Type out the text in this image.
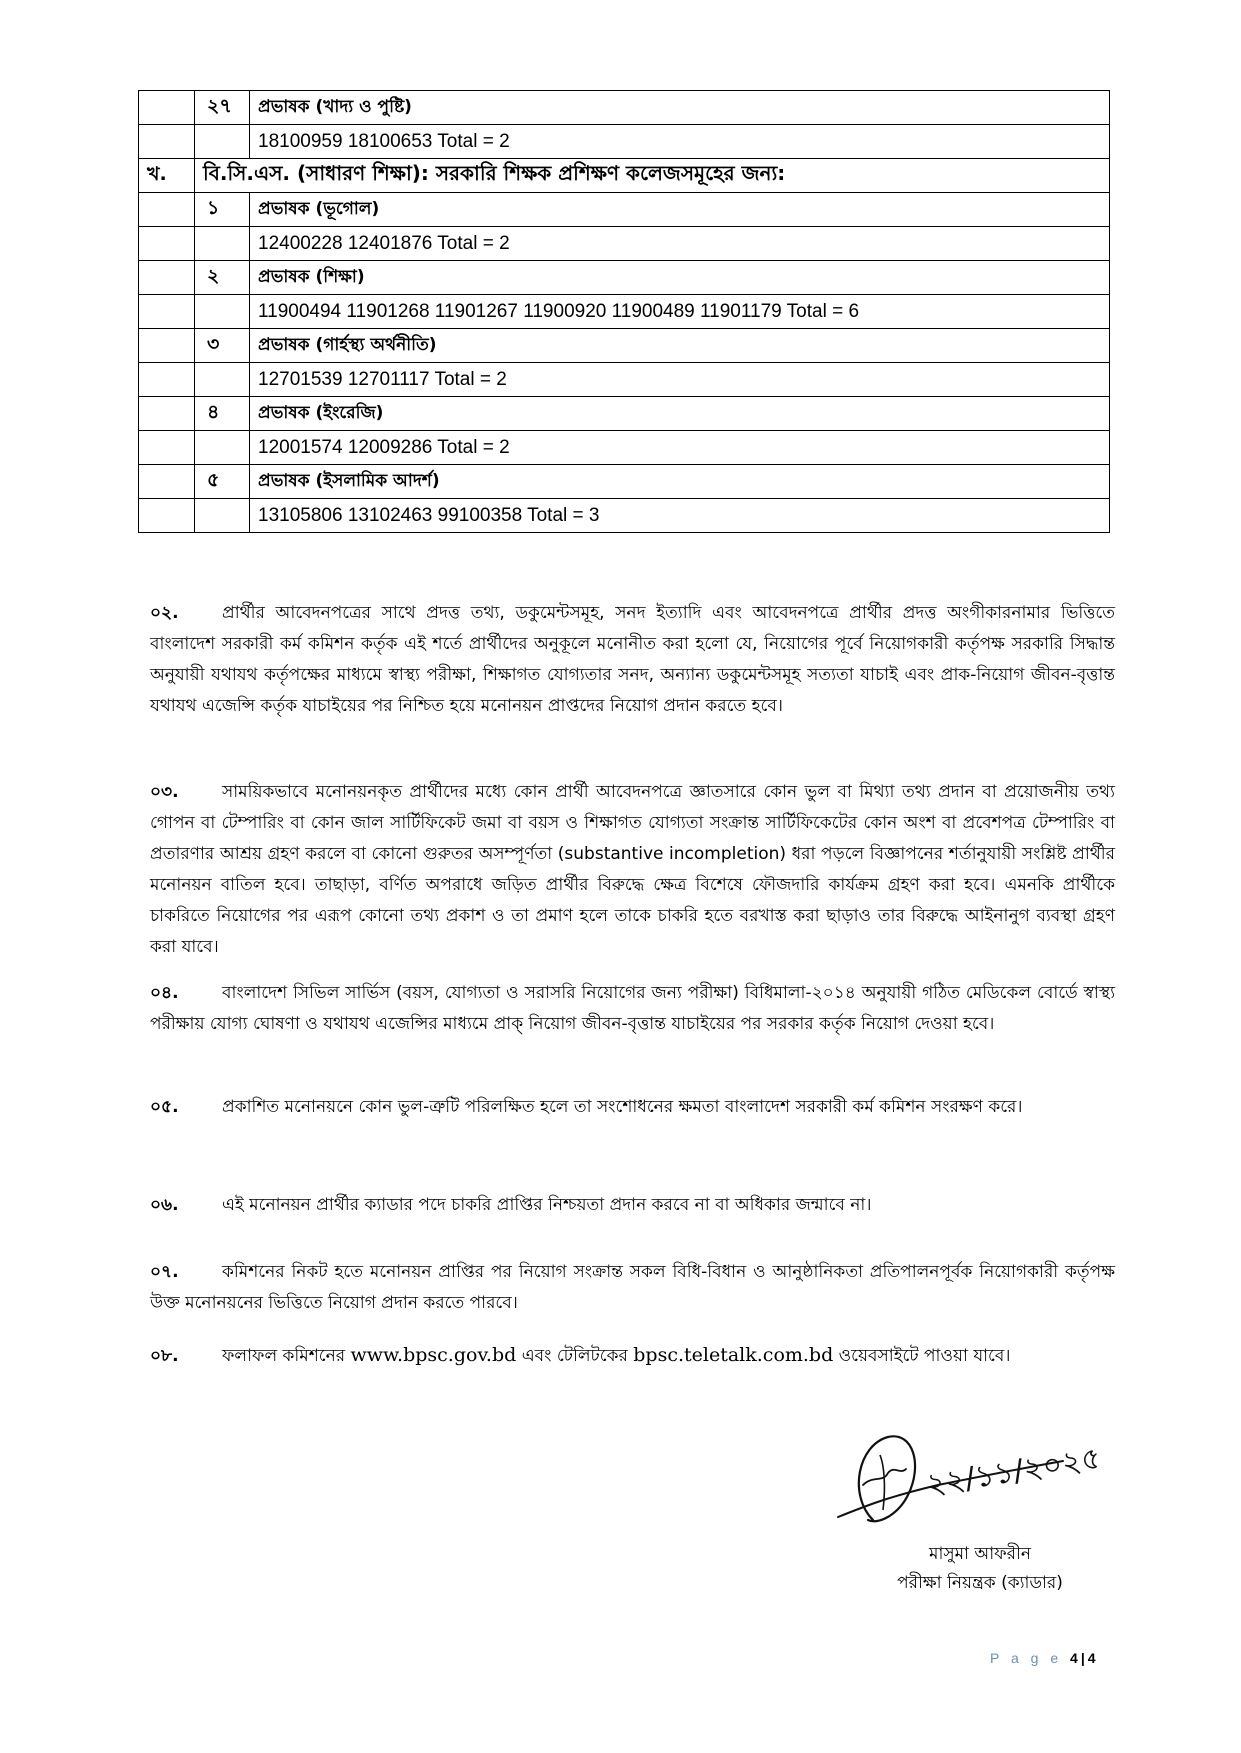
	২৭	প্রভাষক (খাদ্য ও পুষ্টি)
		18100959 18100653 Total = 2
খ.	বি.সি.এস. (সাধারণ শিক্ষা): সরকারি শিক্ষক প্রশিক্ষণ কলেজসমূহের জন্য:	
	১	প্রভাষক (ভূগোল)
		12400228 12401876 Total = 2
	২	প্রভাষক (শিক্ষা)
		11900494 11901268 11901267 11900920 11900489 11901179 Total = 6
	৩	প্রভাষক (গার্হস্থ্য অর্থনীতি)
		12701539 12701117 Total = 2
	৪	প্রভাষক (ইংরেজি)
		12001574 12009286 Total = 2
	৫	প্রভাষক (ইসলামিক আদর্শ)
		13105806 13102463 99100358 Total = 3
০২.	প্রার্থীর আবেদনপত্রের সাথে প্রদত্ত তথ্য, ডকুমেন্টসমূহ, সনদ ইত্যাদি এবং আবেদনপত্রে প্রার্থীর প্রদত্ত অংগীকারনামার ভিত্তিতে বাংলাদেশ সরকারী কর্ম কমিশন কর্তৃক এই শর্তে প্রার্থীদের অনুকূলে মনোনীত করা হলো যে, নিয়োগের পূর্বে নিয়োগকারী কর্তৃপক্ষ সরকারি সিদ্ধান্ত অনুযায়ী যথাযথ কর্তৃপক্ষের মাধ্যমে স্বাস্থ্য পরীক্ষা, শিক্ষাগত যোগ্যতার সনদ, অন্যান্য ডকুমেন্টসমূহ সত্যতা যাচাই এবং প্রাক-নিয়োগ জীবন-বৃত্তান্ত যথাযথ এজেন্সি কর্তৃক যাচাইয়ের পর নিশ্চিত হয়ে মনোনয়ন প্রাপ্তদের নিয়োগ প্রদান করতে হবে।
০৩.	সাময়িকভাবে মনোনয়নকৃত প্রার্থীদের মধ্যে কোন প্রার্থী আবেদনপত্রে জ্ঞাতসারে কোন ভুল বা মিথ্যা তথ্য প্রদান বা প্রয়োজনীয় তথ্য গোপন বা টেম্পারিং বা কোন জাল সার্টিফিকেট জমা বা বয়স ও শিক্ষাগত যোগ্যতা সংক্রান্ত সার্টিফিকেটের কোন অংশ বা প্রবেশপত্র টেম্পারিং বা প্রতারণার আশ্রয় গ্রহণ করলে বা কোনো গুরুতর অসম্পূর্ণতা (substantive incompletion) ধরা পড়লে বিজ্ঞাপনের শর্তানুযায়ী সংশ্লিষ্ট প্রার্থীর মনোনয়ন বাতিল হবে। তাছাড়া, বর্ণিত অপরাধে জড়িত প্রার্থীর বিরুদ্ধে ক্ষেত্র বিশেষে ফৌজদারি কার্যক্রম গ্রহণ করা হবে। এমনকি প্রার্থীকে চাকরিতে নিয়োগের পর এরূপ কোনো তথ্য প্রকাশ ও তা প্রমাণ হলে তাকে চাকরি হতে বরখাস্ত করা ছাড়াও তার বিরুদ্ধে আইনানুগ ব্যবস্থা গ্রহণ করা যাবে।
০৪.	বাংলাদেশ সিভিল সার্ভিস (বয়স, যোগ্যতা ও সরাসরি নিয়োগের জন্য পরীক্ষা) বিধিমালা-২০১৪ অনুযায়ী গঠিত মেডিকেল বোর্ডে স্বাস্থ্য পরীক্ষায় যোগ্য ঘোষণা ও যথাযথ এজেন্সির মাধ্যমে প্রাক্ নিয়োগ জীবন-বৃত্তান্ত যাচাইয়ের পর সরকার কর্তৃক নিয়োগ দেওয়া হবে।
০৫.	প্রকাশিত মনোনয়নে কোন ভুল-ত্রুটি পরিলক্ষিত হলে তা সংশোধনের ক্ষমতা বাংলাদেশ সরকারী কর্ম কমিশন সংরক্ষণ করে।
০৬.	এই মনোনয়ন প্রার্থীর ক্যাডার পদে চাকরি প্রাপ্তির নিশ্চয়তা প্রদান করবে না বা অধিকার জন্মাবে না।
০৭.	কমিশনের নিকট হতে মনোনয়ন প্রাপ্তির পর নিয়োগ সংক্রান্ত সকল বিধি-বিধান ও আনুষ্ঠানিকতা প্রতিপালনপূর্বক নিয়োগকারী কর্তৃপক্ষ উক্ত মনোনয়নের ভিত্তিতে নিয়োগ প্রদান করতে পারবে।
০৮.	ফলাফল কমিশনের www.bpsc.gov.bd এবং টেলিটকের bpsc.teletalk.com.bd ওয়েবসাইটে পাওয়া যাবে।
২২/১১/২০২৫
মাসুমা আফরীন
পরীক্ষা নিয়ন্ত্রক (ক্যাডার)
P a g e 4 | 4
